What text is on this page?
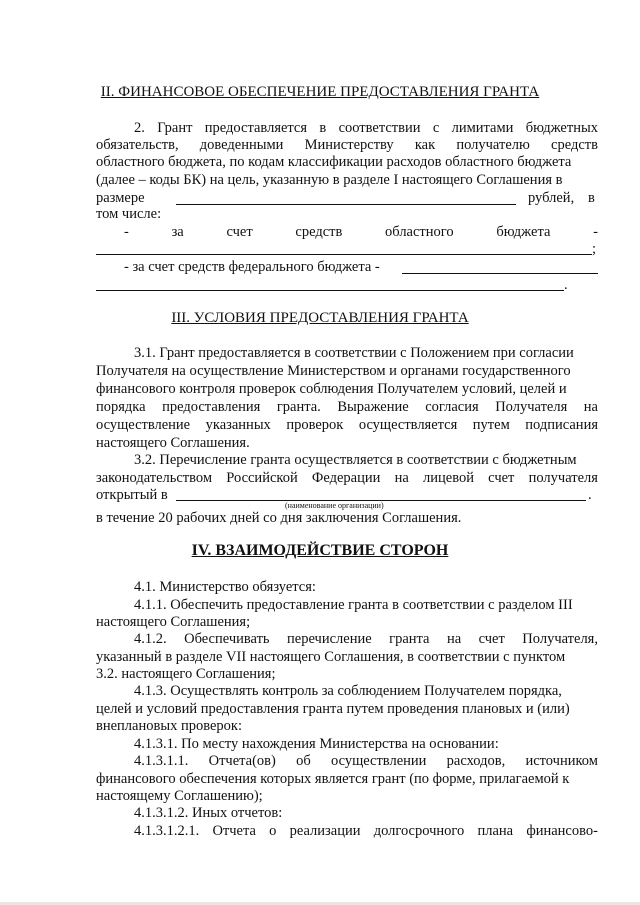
II. ФИНАНСОВОЕ ОБЕСПЕЧЕНИЕ ПРЕДОСТАВЛЕНИЯ ГРАНТА
2. Грант предоставляется в соответствии с лимитами бюджетных
обязательств, доведенными Министерству как получателю средств
областного бюджета, по кодам классификации расходов областного бюджета
(далее – коды БК) на цель, указанную в разделе I настоящего Соглашения в
размере	рублей, в
том числе:
-	за	счет	средств	областного	бюджета	-
;
- за счет средств федерального бюджета -
.
III. УСЛОВИЯ ПРЕДОСТАВЛЕНИЯ ГРАНТА
3.1. Грант предоставляется в соответствии с Положением при согласии
Получателя на осуществление Министерством и органами государственного
финансового контроля проверок соблюдения Получателем условий, целей и
порядка предоставления гранта. Выражение согласия Получателя на
осуществление указанных проверок осуществляется путем подписания
настоящего Соглашения.
3.2. Перечисление гранта осуществляется в соответствии с бюджетным
законодательством Российской Федерации на лицевой счет получателя
открытый в	.
(наименование организации)
в течение 20 рабочих дней со дня заключения Соглашения.
IV. ВЗАИМОДЕЙСТВИЕ СТОРОН
4.1. Министерство обязуется:
4.1.1. Обеспечить предоставление гранта в соответствии с разделом III
настоящего Соглашения;
4.1.2. Обеспечивать перечисление гранта на счет Получателя,
указанный в разделе VII настоящего Соглашения, в соответствии с пунктом
3.2. настоящего Соглашения;
4.1.3. Осуществлять контроль за соблюдением Получателем порядка,
целей и условий предоставления гранта путем проведения плановых и (или)
внеплановых проверок:
4.1.3.1. По месту нахождения Министерства на основании:
4.1.3.1.1. Отчета(ов) об осуществлении расходов, источником
финансового обеспечения которых является грант (по форме, прилагаемой к
настоящему Соглашению);
4.1.3.1.2. Иных отчетов:
4.1.3.1.2.1. Отчета о реализации долгосрочного плана финансово-
